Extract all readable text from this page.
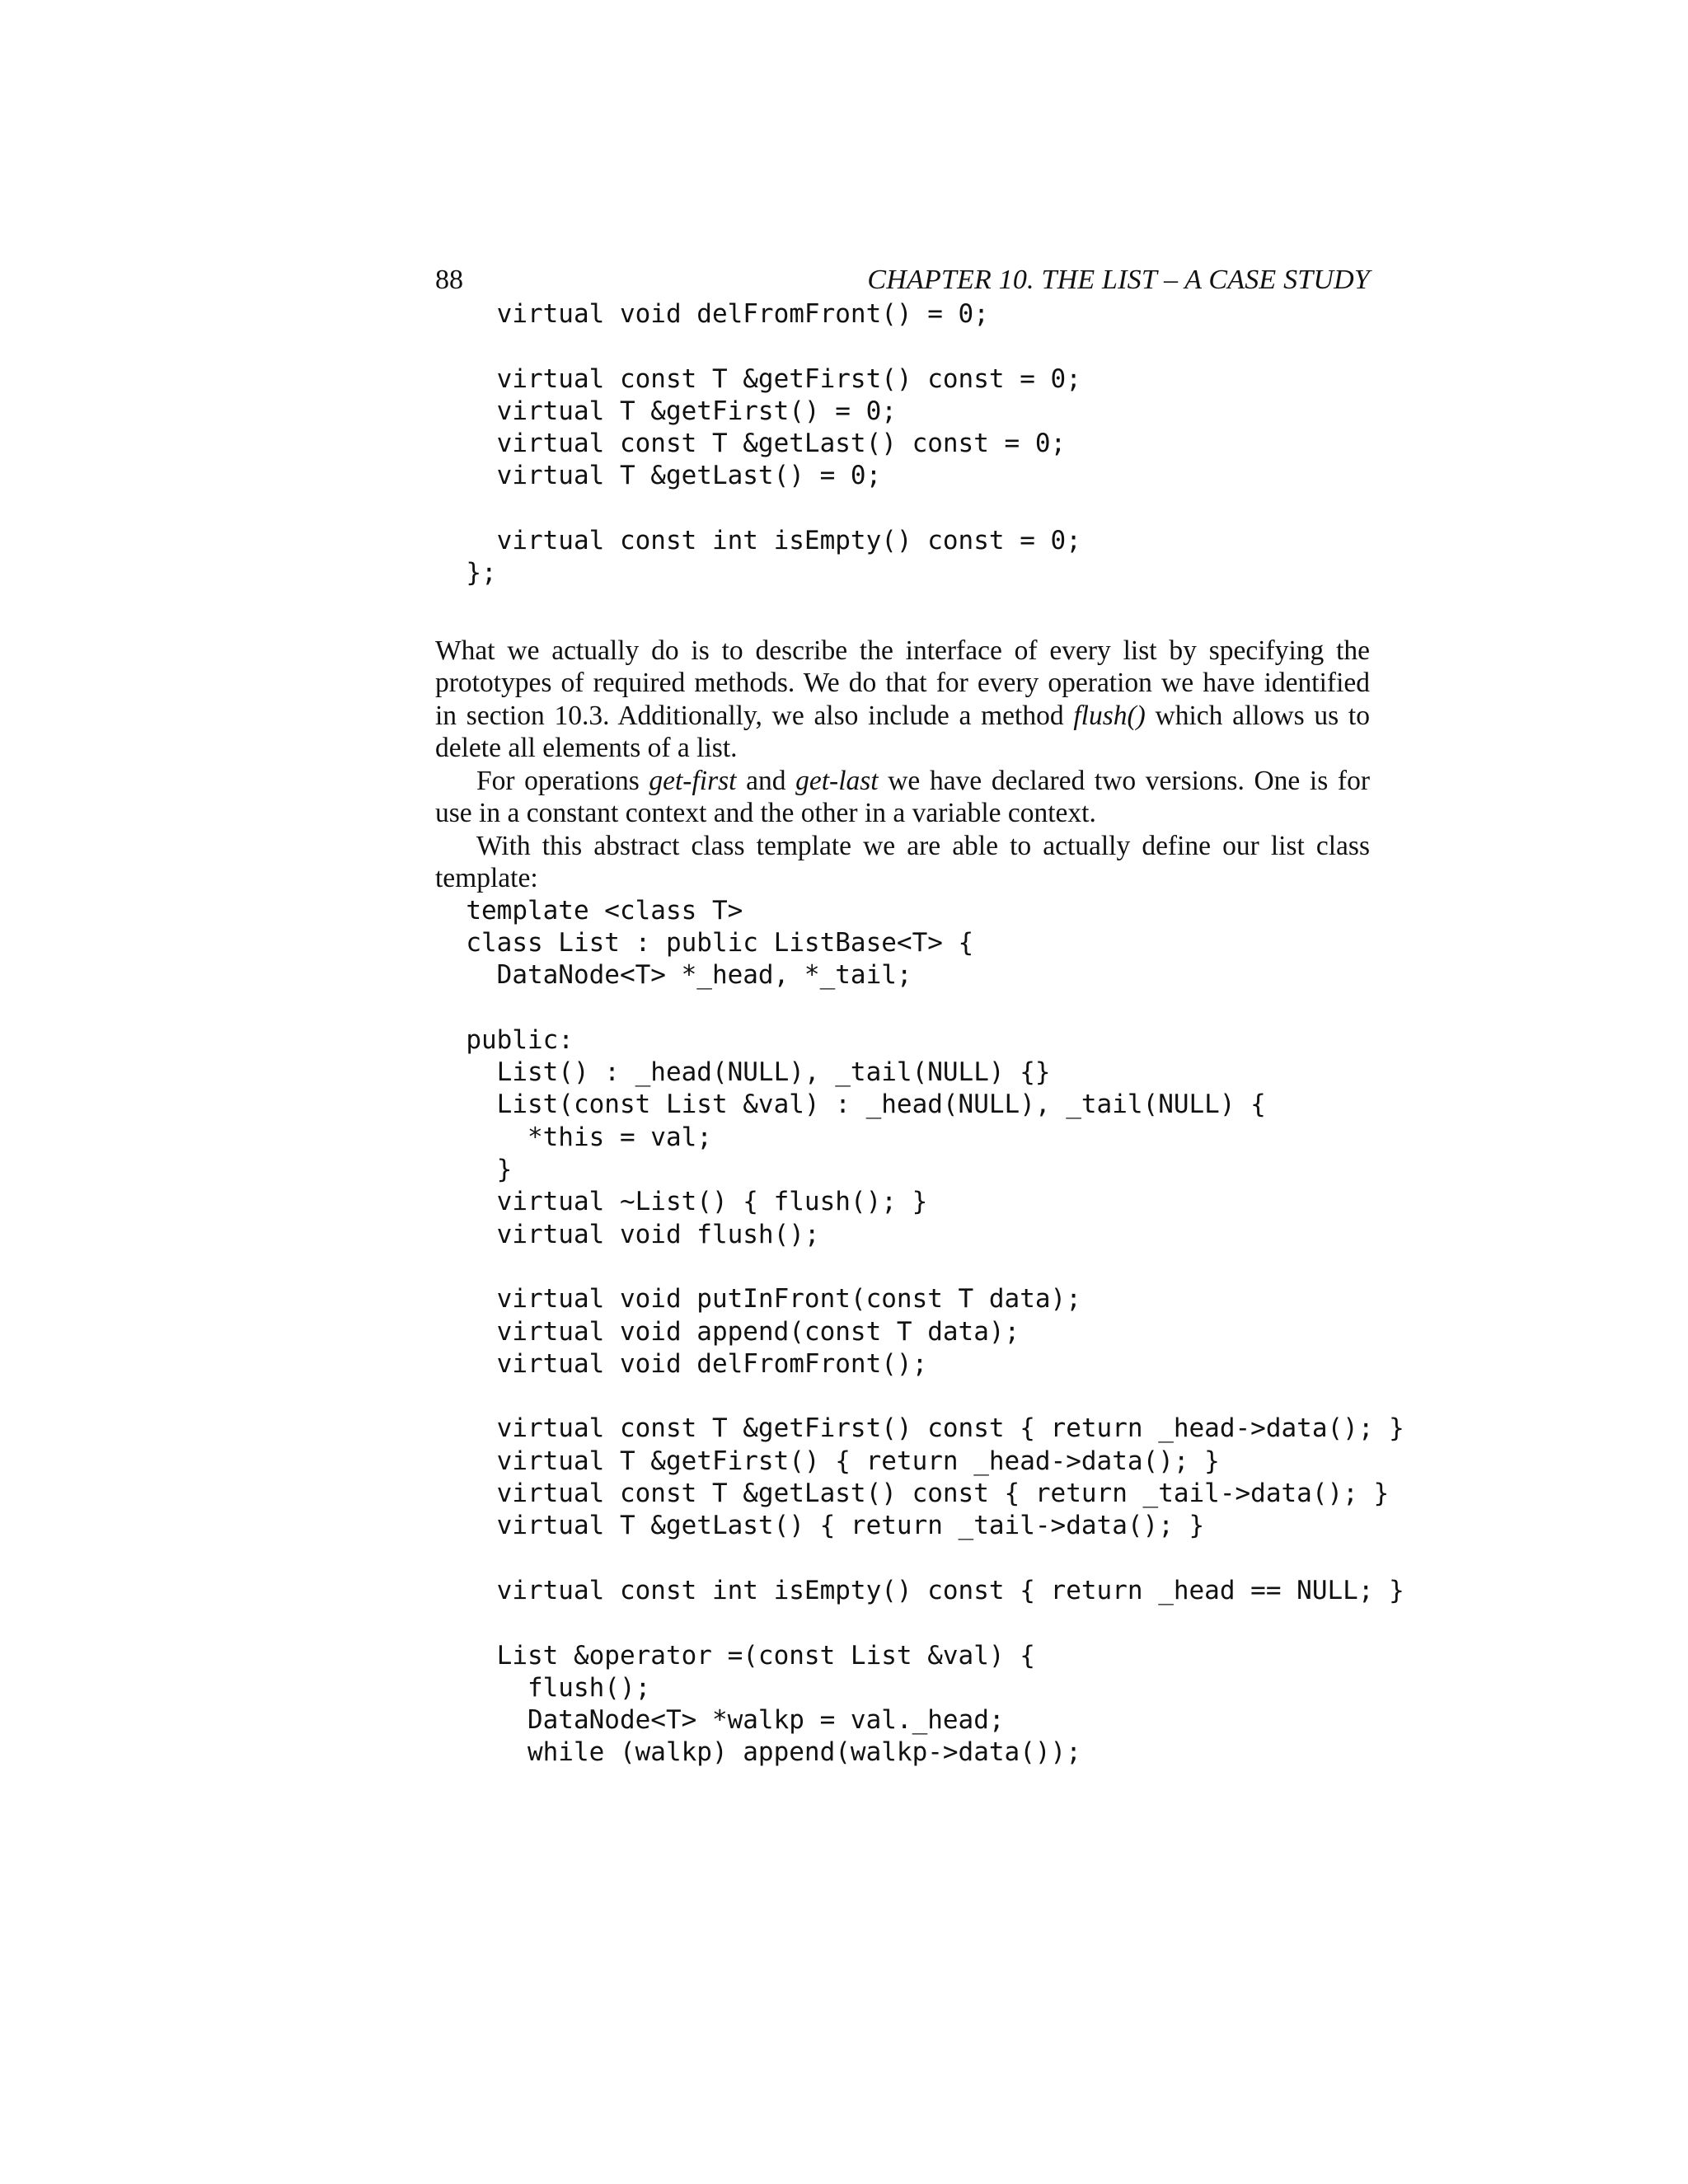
88	CHAPTER 10. THE LIST – A CASE STUDY
virtual void delFromFront() = 0;

virtual const T &getFirst() const = 0;
virtual T &getFirst() = 0;
virtual const T &getLast() const = 0;
virtual T &getLast() = 0;

virtual const int isEmpty() const = 0;
};

What we actually do is to describe the interface of every list by specifying the prototypes of required methods. We do that for every operation we have identified in section 10.3. Additionally, we also include a method flush() which allows us to delete all elements of a list.

For operations get-first and get-last we have declared two versions. One is for use in a constant context and the other in a variable context.

With this abstract class template we are able to actually define our list class template:

template <class T>
class List : public ListBase<T> {
DataNode<T> *_head, *_tail;

public:
List() : _head(NULL), _tail(NULL) {}
List(const List &val) : _head(NULL), _tail(NULL) {
*this = val;
}
virtual ~List() { flush(); }
virtual void flush();

virtual void putInFront(const T data);
virtual void append(const T data);
virtual void delFromFront();

virtual const T &getFirst() const { return _head->data(); }
virtual T &getFirst() { return _head->data(); }
virtual const T &getLast() const { return _tail->data(); }
virtual T &getLast() { return _tail->data(); }

virtual const int isEmpty() const { return _head == NULL; }

List &operator =(const List &val) {
flush();
DataNode<T> *walkp = val._head;
while (walkp) append(walkp->data());
